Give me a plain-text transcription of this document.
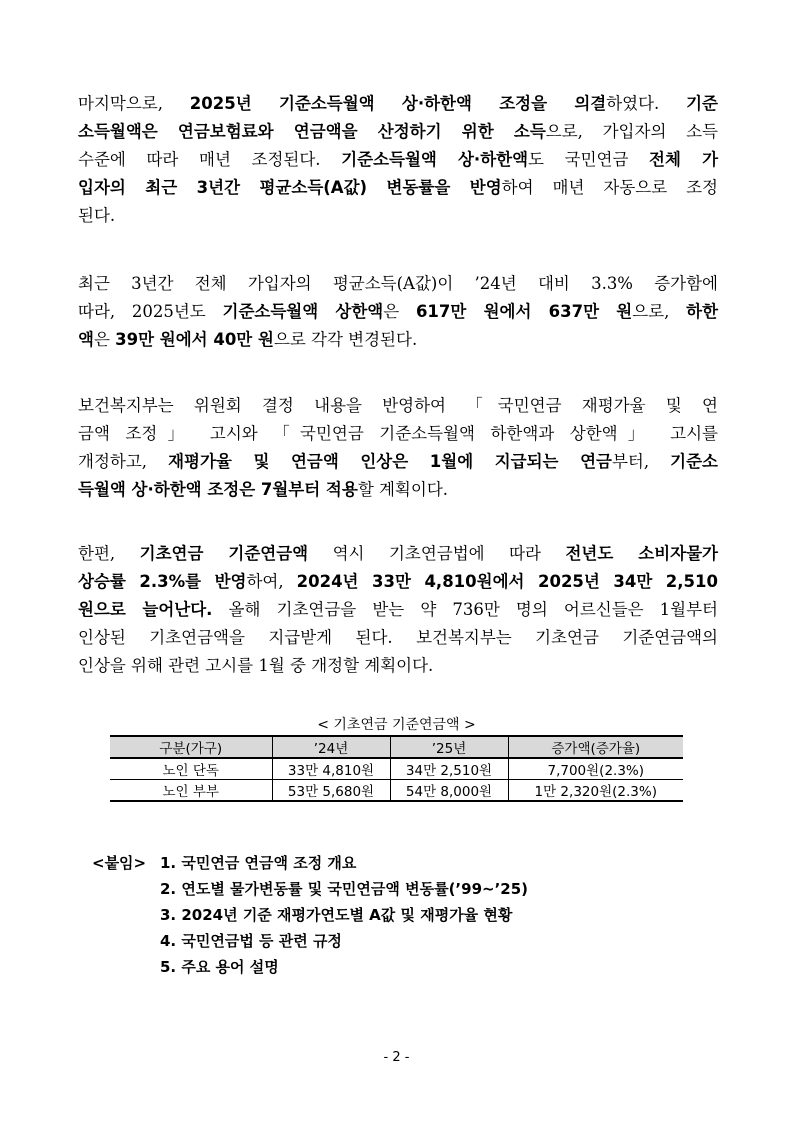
마지막으로, 2025년 기준소득월액 상·하한액 조정을 의결하였다. 기준
소득월액은 연금보험료와 연금액을 산정하기 위한 소득으로, 가입자의 소득
수준에 따라 매년 조정된다. 기준소득월액 상·하한액도 국민연금 전체 가
입자의 최근 3년간 평균소득(A값) 변동률을 반영하여 매년 자동으로 조정
된다.

최근 3년간 전체 가입자의 평균소득(A값)이 ’24년 대비 3.3% 증가함에
따라, 2025년도 기준소득월액 상한액은 617만 원에서 637만 원으로, 하한
액은 39만 원에서 40만 원으로 각각 변경된다.

보건복지부는 위원회 결정 내용을 반영하여 「국민연금 재평가율 및 연
금액 조정」 고시와 「국민연금 기준소득월액 하한액과 상한액」 고시를
개정하고, 재평가율 및 연금액 인상은 1월에 지급되는 연금부터, 기준소
득월액 상·하한액 조정은 7월부터 적용할 계획이다.

한편, 기초연금 기준연금액 역시 기초연금법에 따라 전년도 소비자물가
상승률 2.3%를 반영하여, 2024년 33만 4,810원에서 2025년 34만 2,510
원으로 늘어난다. 올해 기초연금을 받는 약 736만 명의 어르신들은 1월부터
인상된 기초연금액을 지급받게 된다. 보건복지부는 기초연금 기준연금액의
인상을 위해 관련 고시를 1월 중 개정할 계획이다.

< 기초연금 기준연금액 >
구분(가구)	’24년	’25년	증가액(증가율)
노인 단독	33만 4,810원	34만 2,510원	7,700원(2.3%)
노인 부부	53만 5,680원	54만 8,000원	1만 2,320원(2.3%)
<붙임> 1. 국민연금 연금액 조정 개요
2. 연도별 물가변동률 및 국민연금액 변동률(’99~’25)
3. 2024년 기준 재평가연도별 A값 및 재평가율 현황
4. 국민연금법 등 관련 규정
5. 주요 용어 설명
- 2 -
